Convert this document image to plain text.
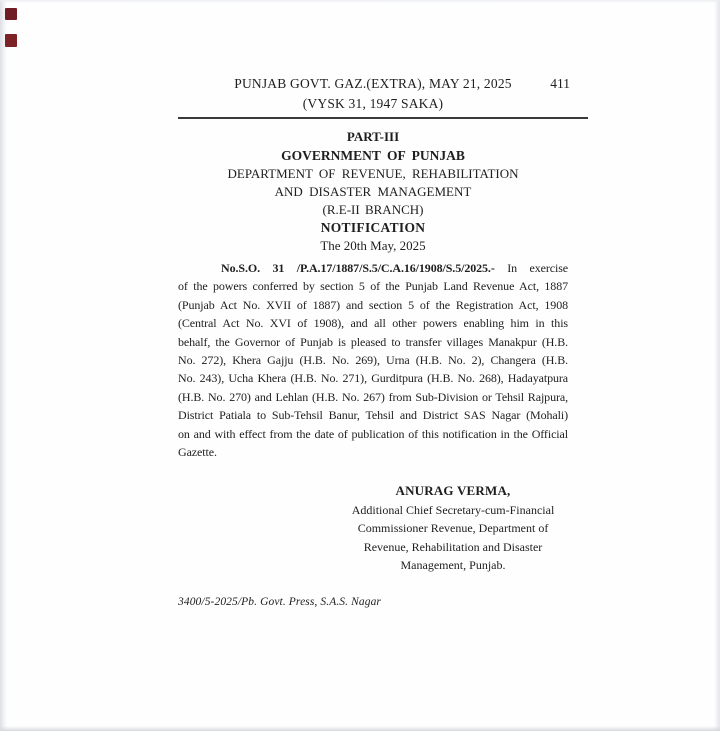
PUNJAB GOVT. GAZ.(EXTRA), MAY 21, 2025	411
(VYSK 31, 1947 SAKA)
PART-III
GOVERNMENT OF PUNJAB
DEPARTMENT OF REVENUE, REHABILITATION
AND DISASTER MANAGEMENT
(R.E-II BRANCH)
NOTIFICATION
The 20th May, 2025
No.S.O. 31 /P.A.17/1887/S.5/C.A.16/1908/S.5/2025.- In exercise
of the powers conferred by section 5 of the Punjab Land Revenue Act, 1887
(Punjab Act No. XVII of 1887) and section 5 of the Registration Act, 1908
(Central Act No. XVI of 1908), and all other powers enabling him in this
behalf, the Governor of Punjab is pleased to transfer villages Manakpur (H.B.
No. 272), Khera Gajju (H.B. No. 269), Urna (H.B. No. 2), Changera (H.B.
No. 243), Ucha Khera (H.B. No. 271), Gurditpura (H.B. No. 268), Hadayatpura
(H.B. No. 270) and Lehlan (H.B. No. 267) from Sub-Division or Tehsil Rajpura,
District Patiala to Sub-Tehsil Banur, Tehsil and District SAS Nagar (Mohali)
on and with effect from the date of publication of this notification in the Official
Gazette.
ANURAG VERMA,
Additional Chief Secretary-cum-Financial
Commissioner Revenue, Department of
Revenue, Rehabilitation and Disaster
Management, Punjab.
3400/5-2025/Pb. Govt. Press, S.A.S. Nagar
